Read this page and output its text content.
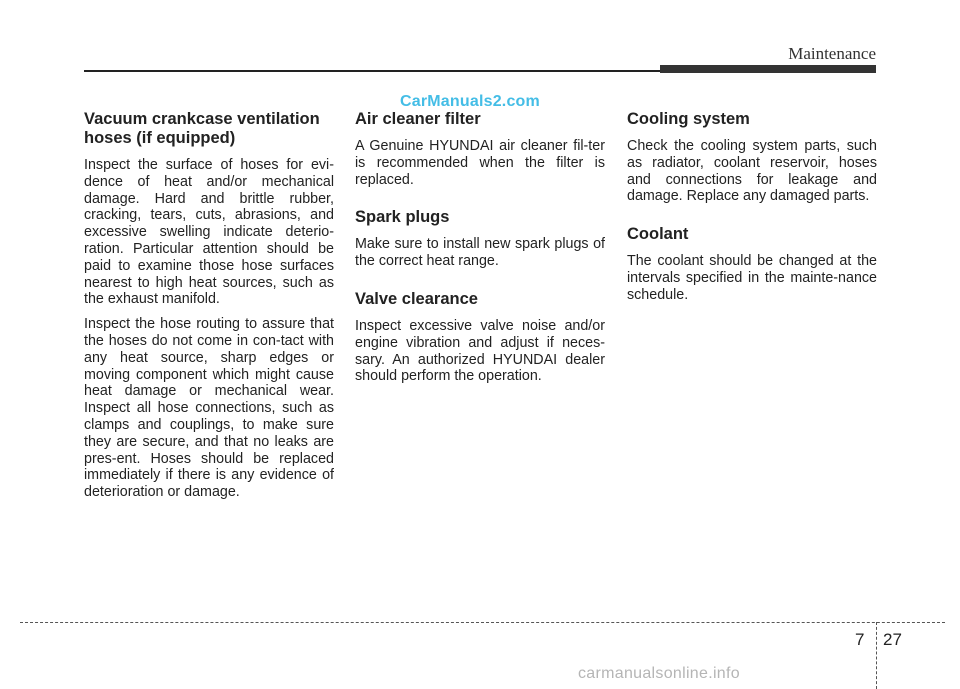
Maintenance
CarManuals2.com
Vacuum crankcase ventilation
hoses (if equipped)

Inspect the surface of hoses for evi-dence of heat and/or mechanical damage. Hard and brittle rubber, cracking, tears, cuts, abrasions, and excessive swelling indicate deterio-ration. Particular attention should be paid to examine those hose surfaces nearest to high heat sources, such as the exhaust manifold.

Inspect the hose routing to assure that the hoses do not come in con-tact with any heat source, sharp edges or moving component which might cause heat damage or mechanical wear. Inspect all hose connections, such as clamps and couplings, to make sure they are secure, and that no leaks are pres-ent. Hoses should be replaced immediately if there is any evidence of deterioration or damage.

Air cleaner filter

A Genuine HYUNDAI air cleaner fil-ter is recommended when the filter is replaced.

Spark plugs

Make sure to install new spark plugs of the correct heat range.

Valve clearance

Inspect excessive valve noise and/or engine vibration and adjust if neces-sary. An authorized HYUNDAI dealer should perform the operation.

Cooling system

Check the cooling system parts, such as radiator, coolant reservoir, hoses and connections for leakage and damage. Replace any damaged parts.

Coolant

The coolant should be changed at the intervals specified in the mainte-nance schedule.

7 27
carmanualsonline.info
